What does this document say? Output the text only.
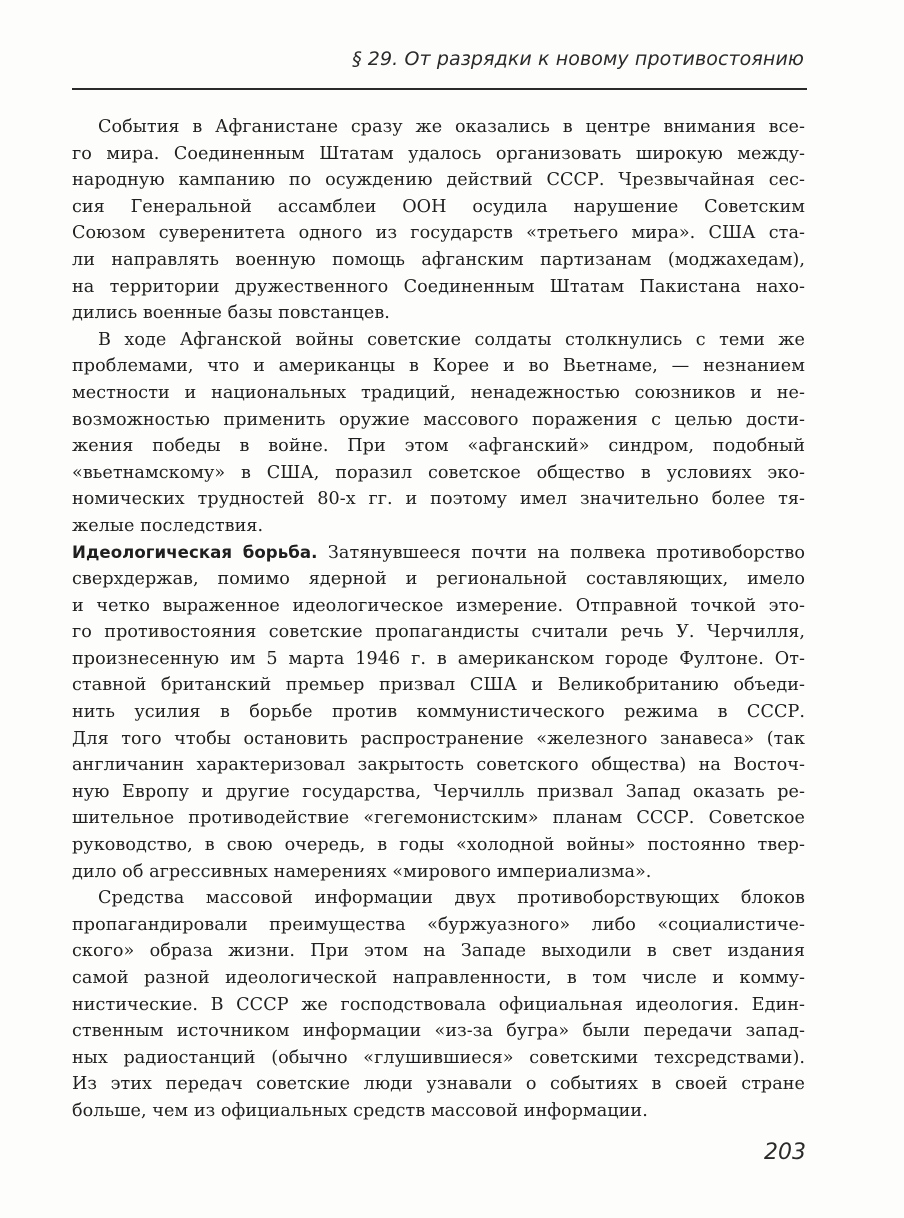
§ 29. От разрядки к новому противостоянию

События в Афганистане сразу же оказались в центре внимания все-
го мира. Соединенным Штатам удалось организовать широкую между-
народную кампанию по осуждению действий СССР. Чрезвычайная сес-
сия Генеральной ассамблеи ООН осудила нарушение Советским
Союзом суверенитета одного из государств «третьего мира». США ста-
ли направлять военную помощь афганским партизанам (моджахедам),
на территории дружественного Соединенным Штатам Пакистана нахо-
дились военные базы повстанцев.

В ходе Афганской войны советские солдаты столкнулись с теми же
проблемами, что и американцы в Корее и во Вьетнаме, — незнанием
местности и национальных традиций, ненадежностью союзников и не-
возможностью применить оружие массового поражения с целью дости-
жения победы в войне. При этом «афганский» синдром, подобный
«вьетнамскому» в США, поразил советское общество в условиях эко-
номических трудностей 80-х гг. и поэтому имел значительно более тя-
желые последствия.

Идеологическая борьба. Затянувшееся почти на полвека противоборство
сверхдержав, помимо ядерной и региональной составляющих, имело
и четко выраженное идеологическое измерение. Отправной точкой это-
го противостояния советские пропагандисты считали речь У. Черчилля,
произнесенную им 5 марта 1946 г. в американском городе Фултоне. От-
ставной британский премьер призвал США и Великобританию объеди-
нить усилия в борьбе против коммунистического режима в СССР.
Для того чтобы остановить распространение «железного занавеса» (так
англичанин характеризовал закрытость советского общества) на Восточ-
ную Европу и другие государства, Черчилль призвал Запад оказать ре-
шительное противодействие «гегемонистским» планам СССР. Советское
руководство, в свою очередь, в годы «холодной войны» постоянно твер-
дило об агрессивных намерениях «мирового империализма».

Средства массовой информации двух противоборствующих блоков
пропагандировали преимущества «буржуазного» либо «социалистиче-
ского» образа жизни. При этом на Западе выходили в свет издания
самой разной идеологической направленности, в том числе и комму-
нистические. В СССР же господствовала официальная идеология. Един-
ственным источником информации «из-за бугра» были передачи запад-
ных радиостанций (обычно «глушившиеся» советскими техсредствами).
Из этих передач советские люди узнавали о событиях в своей стране
больше, чем из официальных средств массовой информации.

203
